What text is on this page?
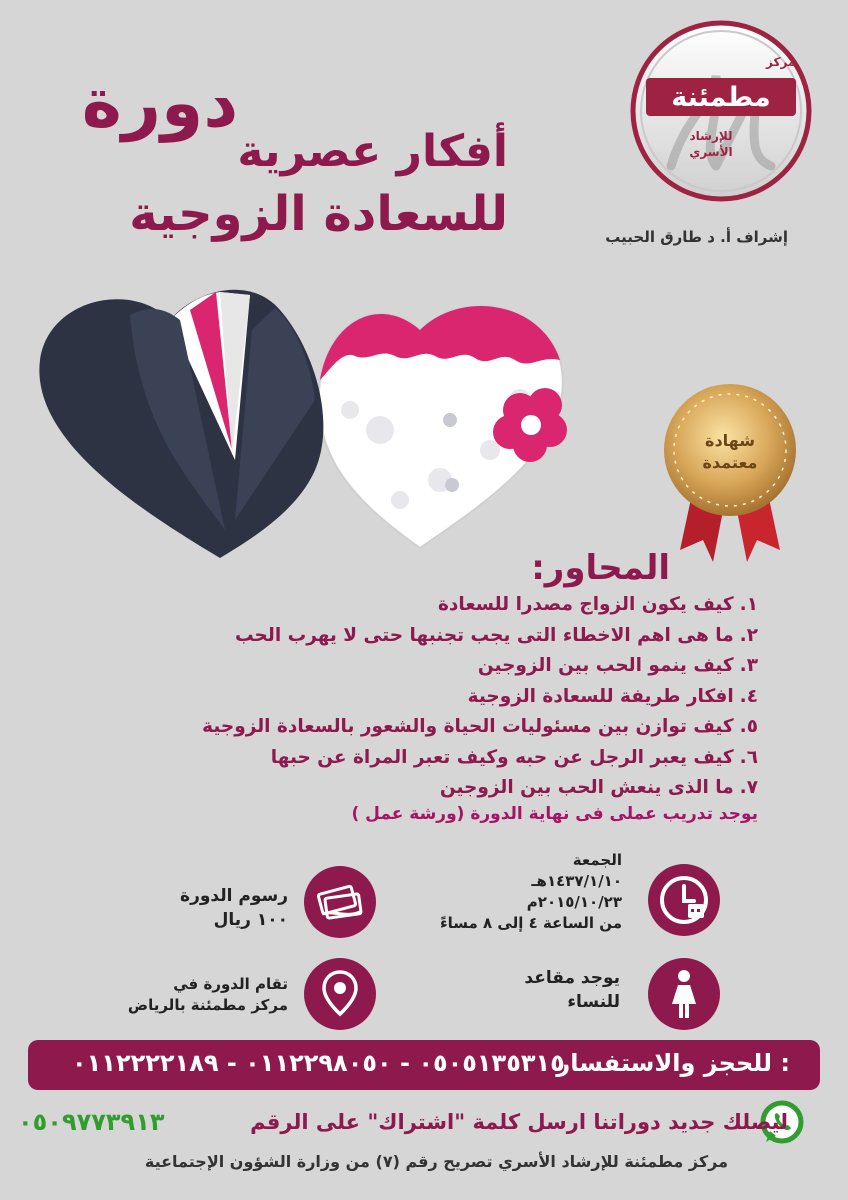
دورة
أفكار عصرية
للسعادة الزوجية
مركز
مطمئنة
للإرشاد
الأسري
إشراف أ. د طارق الحبيب
شهادة
معتمدة
المحاور:
١.كيف يكون الزواج مصدرا للسعادة
٢.ما هى اهم الاخطاء التى يجب تجنبها حتى لا يهرب الحب
٣.كيف ينمو الحب بين الزوجين
٤.افكار طريفة للسعادة الزوجية
٥.كيف توازن بين مسئوليات الحياة والشعور بالسعادة الزوجية
٦.كيف يعبر الرجل عن حبه وكيف تعبر المراة عن حبها
٧.ما الذى ينعش الحب بين الزوجين
يوجد تدريب عملى فى نهاية الدورة (ورشة عمل )
الجمعة
١٤٣٧/١/١٠هـ
٢٠١٥/١٠/٢٣م
من الساعة ٤ إلى ٨ مساءً
رسوم الدورة
١٠٠ ريال
يوجد مقاعد
للنساء
تقام الدورة في
مركز مطمئنة بالرياض
للحجز والاستفسار :
٠٥٠٥١٣٥٣١٥ - ٠١١٢٢٩٨٠٥٠ - ٠١١٢٢٢٢١٨٩
ليصلك جديد دوراتنا ارسل كلمة "اشتراك" على الرقم
٠٥٠٩٧٧٣٩١٣
مركز مطمئنة للإرشاد الأسري تصريح رقم (٧) من وزارة الشؤون الإجتماعية
